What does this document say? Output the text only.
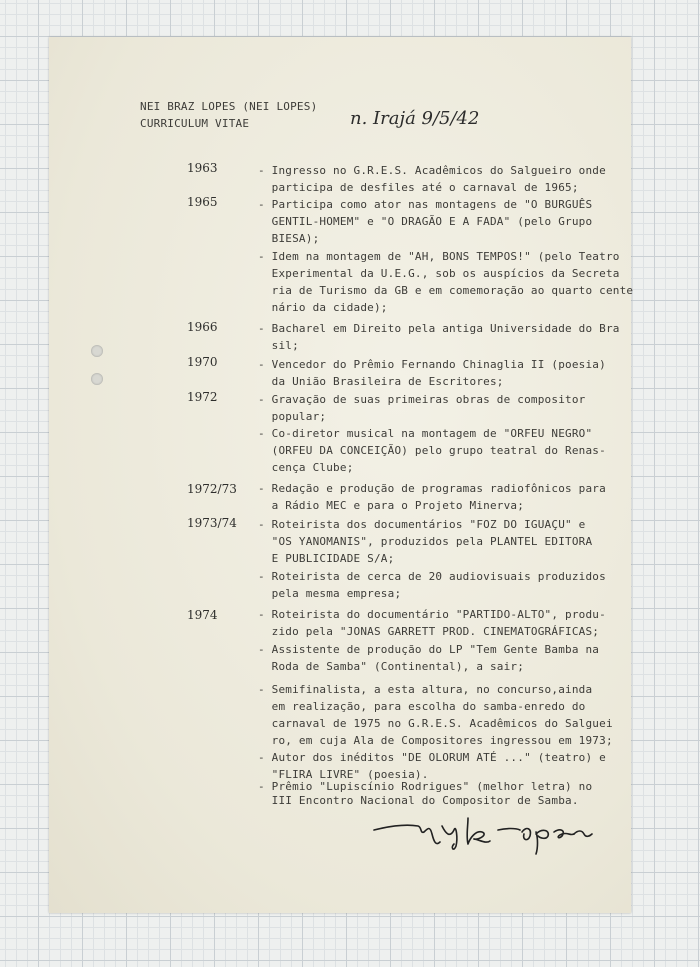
NEI BRAZ LOPES (NEI LOPES)
CURRICULUM VITAE	n. Irajá 9/5/42
1963	- Ingresso no G.R.E.S. Acadêmicos do Salgueiro onde
participa de desfiles até o carnaval de 1965;
1965	- Participa como ator nas montagens de "O BURGUÊS
GENTIL-HOMEM" e "O DRAGÃO E A FADA" (pelo Grupo
BIESA);
- Idem na montagem de "AH, BONS TEMPOS!" (pelo Teatro
Experimental da U.E.G., sob os auspícios da Secreta
ria de Turismo da GB e em comemoração ao quarto cente
nário da cidade);
1966	- Bacharel em Direito pela antiga Universidade do Bra
sil;
1970	- Vencedor do Prêmio Fernando Chinaglia II (poesia)
da União Brasileira de Escritores;
1972	- Gravação de suas primeiras obras de compositor
popular;
- Co-diretor musical na montagem de "ORFEU NEGRO"
(ORFEU DA CONCEIÇÃO) pelo grupo teatral do Renas-
cença Clube;
1972/73 - Redação e produção de programas radiofônicos para
a Rádio MEC e para o Projeto Minerva;
1973/74 - Roteirista dos documentários "FOZ DO IGUAÇU" e
"OS YANOMANIS", produzidos pela PLANTEL EDITORA
E PUBLICIDADE S/A;
- Roteirista de cerca de 20 audiovisuais produzidos
pela mesma empresa;
1974	- Roteirista do documentário "PARTIDO-ALTO", produ-
zido pela "JONAS GARRETT PROD. CINEMATOGRÁFICAS;
- Assistente de produção do LP "Tem Gente Bamba na
Roda de Samba" (Continental), a sair;
- Semifinalista, a esta altura, no concurso,ainda
em realização, para escolha do samba-enredo do
carnaval de 1975 no G.R.E.S. Acadêmicos do Salguei
ro, em cuja Ala de Compositores ingressou em 1973;
- Autor dos inéditos "DE OLORUM ATÉ ..." (teatro) e
"FLIRA LIVRE" (poesia).
- Prêmio "Lupiscínio Rodrigues" (melhor letra) no
III Encontro Nacional do Compositor de Samba.
